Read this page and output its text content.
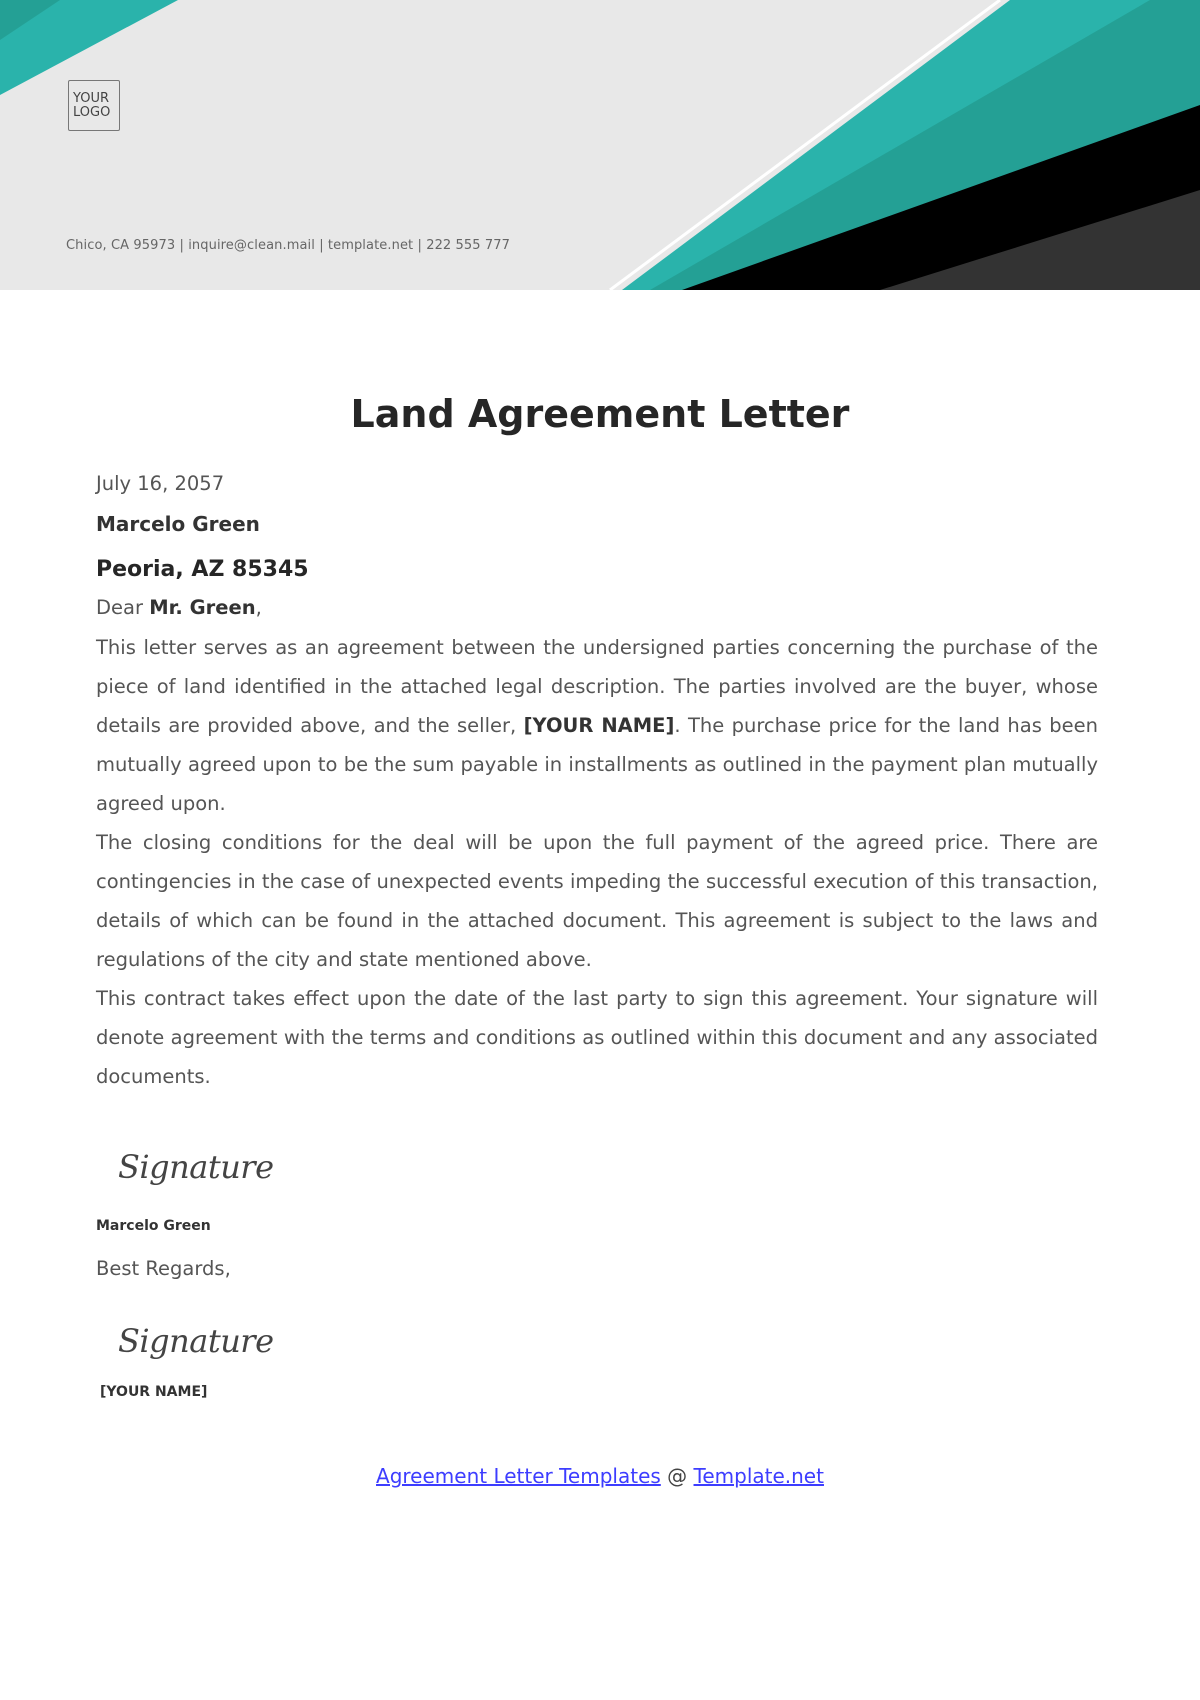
YOUR
LOGO
Chico, CA 95973 | inquire@clean.mail | template.net | 222 555 777
Land Agreement Letter
July 16, 2057
Marcelo Green
Peoria, AZ 85345
Dear Mr. Green,

This letter serves as an agreement between the undersigned parties concerning the purchase of the piece of land identified in the attached legal description. The parties involved are the buyer, whose details are provided above, and the seller, [YOUR NAME]. The purchase price for the land has been mutually agreed upon to be the sum payable in installments as outlined in the payment plan mutually agreed upon.

The closing conditions for the deal will be upon the full payment of the agreed price. There are contingencies in the case of unexpected events impeding the successful execution of this transaction, details of which can be found in the attached document. This agreement is subject to the laws and regulations of the city and state mentioned above.

This contract takes effect upon the date of the last party to sign this agreement. Your signature will denote agreement with the terms and conditions as outlined within this document and any associated documents.

Signature
Marcelo Green
Best Regards,
Signature
[YOUR NAME]
Agreement Letter Templates @ Template.net
